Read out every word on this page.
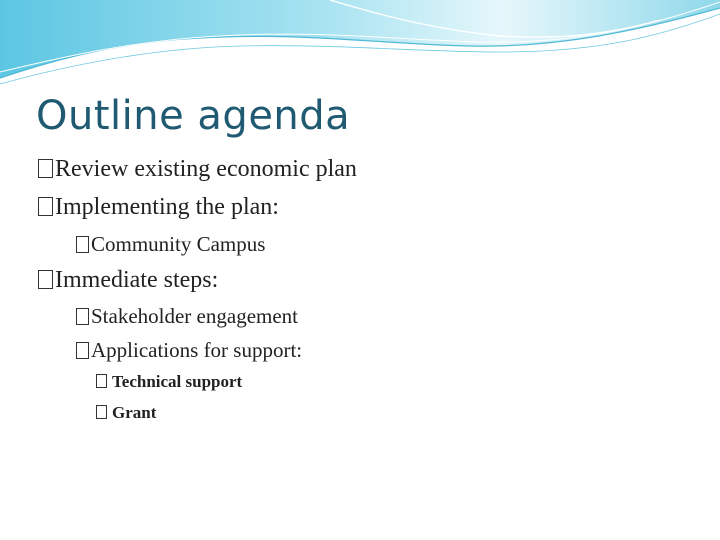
Outline agenda
Review existing economic plan
Implementing the plan:
Community Campus
Immediate steps:
Stakeholder engagement
Applications for support:
Technical support
Grant
